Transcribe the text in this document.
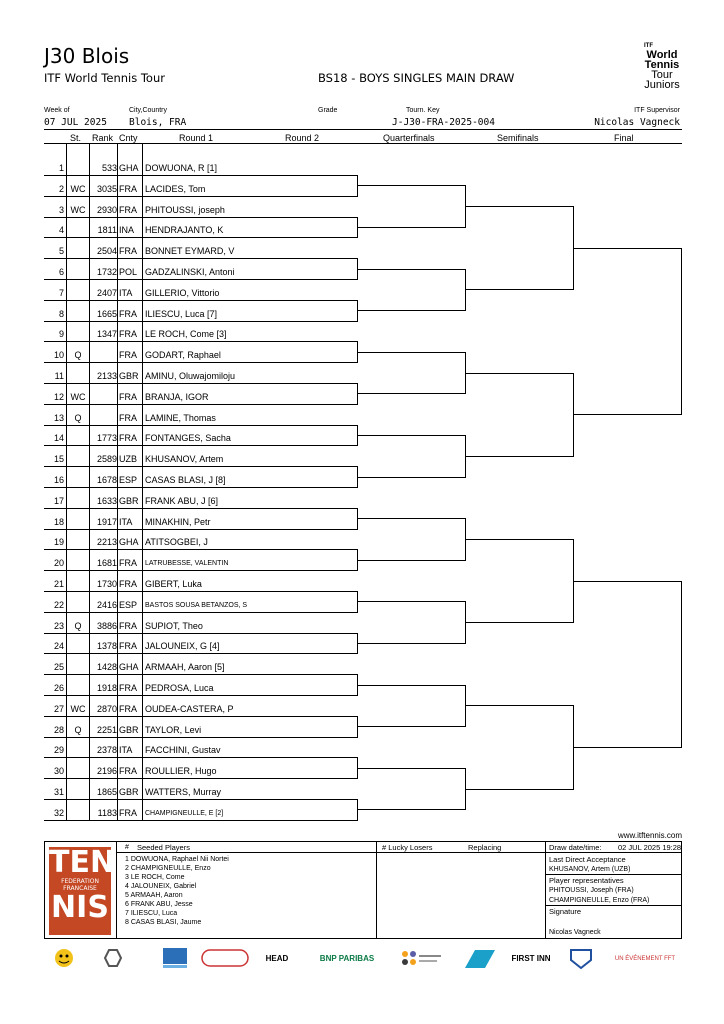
J30 Blois
ITF World Tennis Tour	BS18 - BOYS SINGLES MAIN DRAW
ITF
World
Tennis
Tour
Juniors
Week of
07 JUL 2025
City,Country
Blois, FRA
Grade	Tourn. Key
J-J30-FRA-2025-004
ITF Supervisor
Nicolas Vagneck
St. Rank Cnty	Round 1	Round 2	Quarterfinals	Semifinals	Final
1	533 GHA DOWUONA, R [1]
2 WC	3035 FRA LACIDES, Tom
3 WC	2930 FRA PHITOUSSI, joseph
4	1811 INA	HENDRAJANTO, K
5	2504 FRA BONNET EYMARD, V
6	1732 POL GADZALINSKI, Antoni
7	2407 ITA	GILLERIO, Vittorio
8	1665 FRA ILIESCU, Luca [7]
9	1347 FRA LE ROCH, Come [3]
10	Q	FRA GODART, Raphael
11	2133 GBR AMINU, Oluwajomiloju
12 WC	FRA BRANJA, IGOR
13	Q	FRA LAMINE, Thomas
14	1773 FRA FONTANGES, Sacha
15	2589 UZB KHUSANOV, Artem
16	1678 ESP CASAS BLASI, J [8]
17	1633 GBR FRANK ABU, J [6]
18	1917 ITA	MINAKHIN, Petr
19	2213 GHA ATITSOGBEI, J
20	1681 FRA	LATRUBESSE, VALENTIN
21	1730 FRA GIBERT, Luka
22	2416 ESP	BASTOS SOUSA BETANZOS, S
23	Q	3886 FRA SUPIOT, Theo
24	1378 FRA JALOUNEIX, G [4]
25	1428 GHA ARMAAH, Aaron [5]
26	1918 FRA PEDROSA, Luca
27 WC	2870 FRA OUDEA-CASTERA, P
28	Q	2251 GBR TAYLOR, Levi
29	2378 ITA	FACCHINI, Gustav
30	2196 FRA ROULLIER, Hugo
31	1865 GBR WATTERS, Murray
32	1183 FRA	CHAMPIGNEULLE, E [2]
www.itftennis.com
TEN
FEDERATION FRANCAISE
NIS
# Seeded Players
1 DOWUONA, Raphael Nii Nortei
2 CHAMPIGNEULLE, Enzo
3 LE ROCH, Come
4 JALOUNEIX, Gabriel
5 ARMAAH, Aaron
6 FRANK ABU, Jesse
7 ILIESCU, Luca
8 CASAS BLASI, Jaume
# Lucky Losers	Replacing	Draw date/time: 02 JUL 2025 19:28
Last Direct Acceptance
KHUSANOV, Artem (UZB)
Player representatives
PHITOUSSI, Joseph (FRA)
CHAMPIGNEULLE, Enzo (FRA)
Signature
Nicolas Vagneck
HEAD	BNP PARIBAS	FIRST INN	UN ÉVÉNEMENT FFT
